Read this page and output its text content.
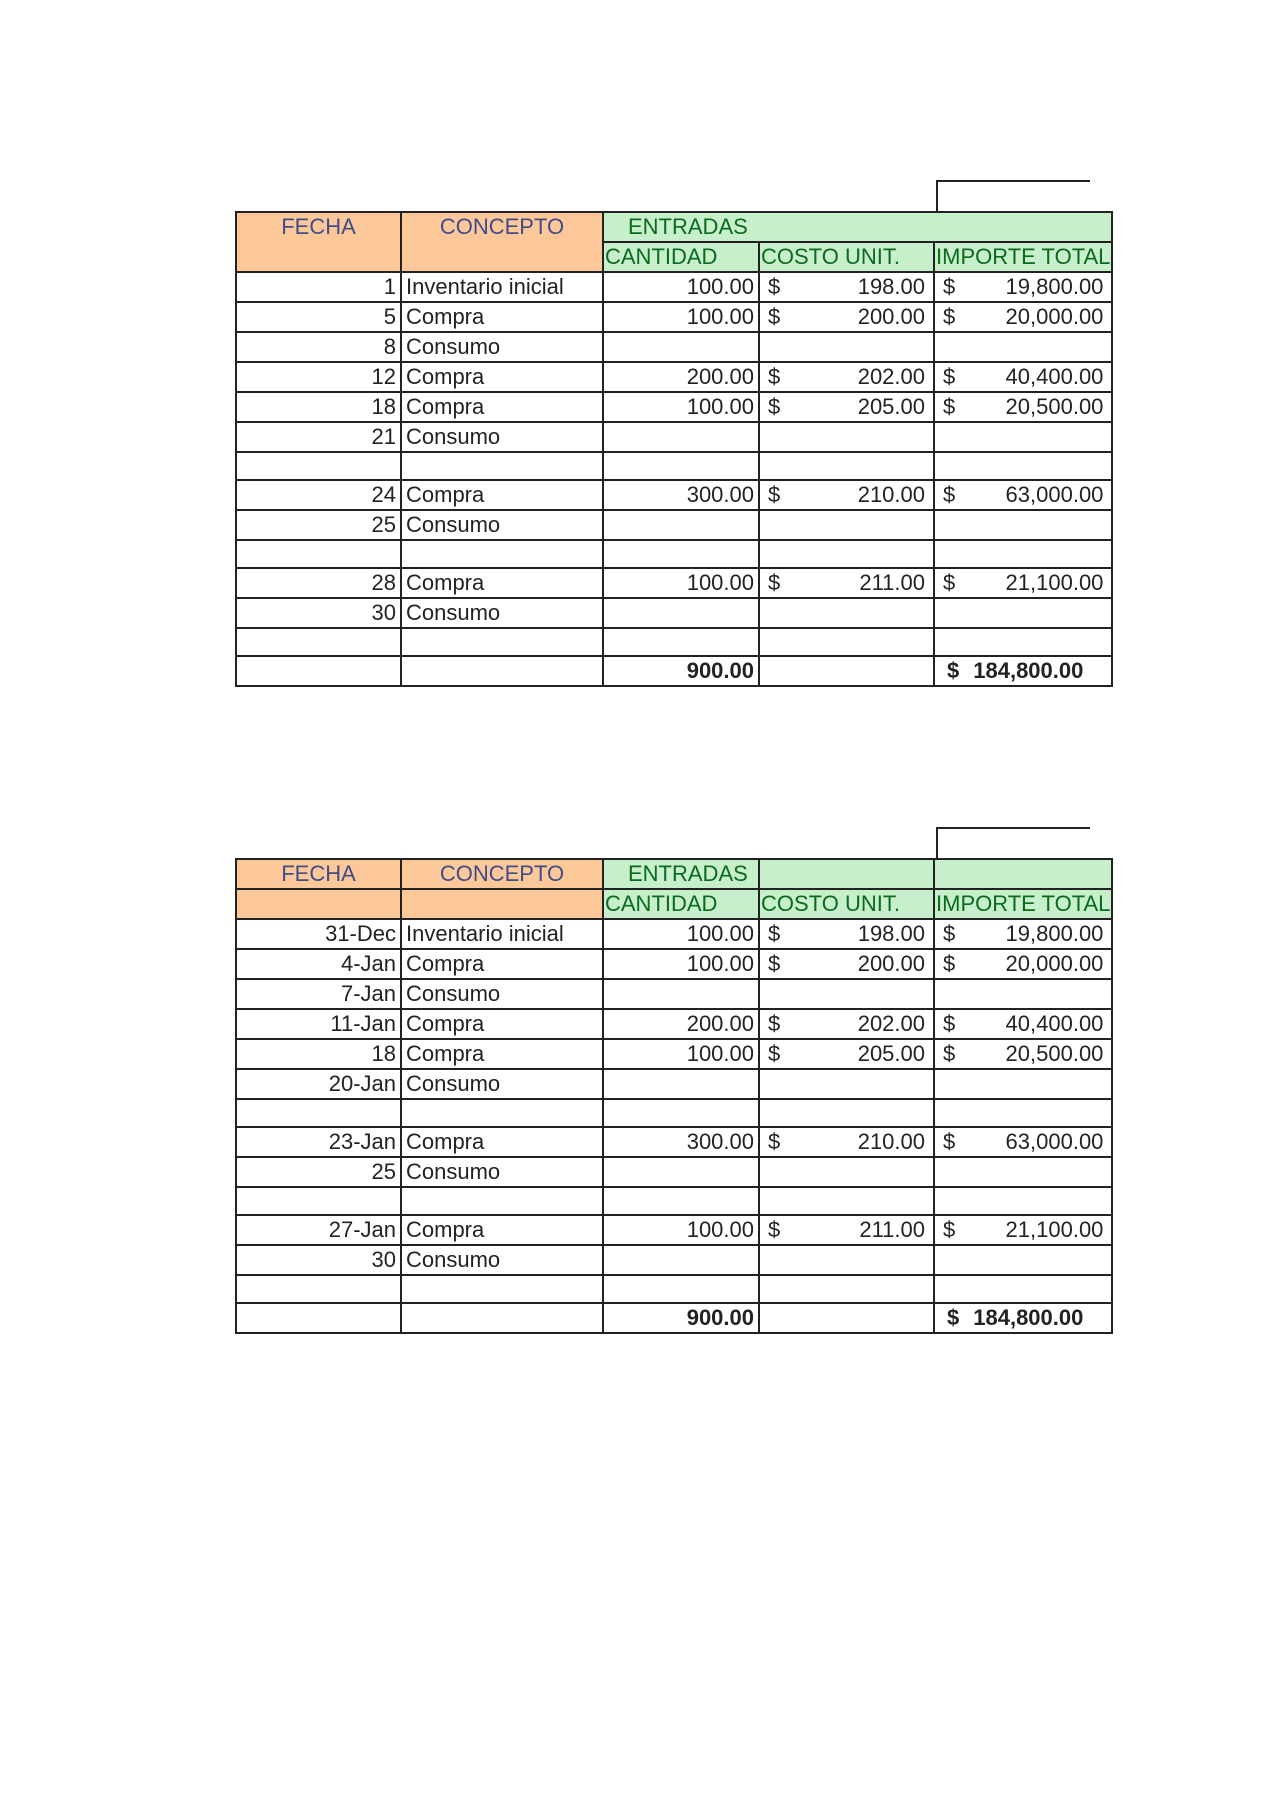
FECHA	CONCEPTO	ENTRADAS		
		CANTIDAD	COSTO UNIT.	IMPORTE TOTAL
1	Inventario inicial	100.00	$ 198.00	$ 19,800.00

5	Compra	100.00	$ 200.00	$ 20,000.00

8	Consumo			
12	Compra	200.00	$ 202.00	$ 40,400.00

18	Compra	100.00	$ 205.00	$ 20,500.00

21	Consumo			

24	Compra	300.00	$ 210.00	$ 63,000.00

25	Consumo			

28	Compra	100.00	$ 211.00	$ 21,100.00

30	Consumo			

		900.00		$ 184,800.00
FECHA	CONCEPTO	ENTRADAS		
		CANTIDAD	COSTO UNIT.	IMPORTE TOTAL
31-Dec	Inventario inicial	100.00	$ 198.00	$ 19,800.00

4-Jan	Compra	100.00	$ 200.00	$ 20,000.00

7-Jan	Consumo			
11-Jan	Compra	200.00	$ 202.00	$ 40,400.00

18	Compra	100.00	$ 205.00	$ 20,500.00

20-Jan	Consumo			

23-Jan	Compra	300.00	$ 210.00	$ 63,000.00

25	Consumo			

27-Jan	Compra	100.00	$ 211.00	$ 21,100.00

30	Consumo			

		900.00		$ 184,800.00
